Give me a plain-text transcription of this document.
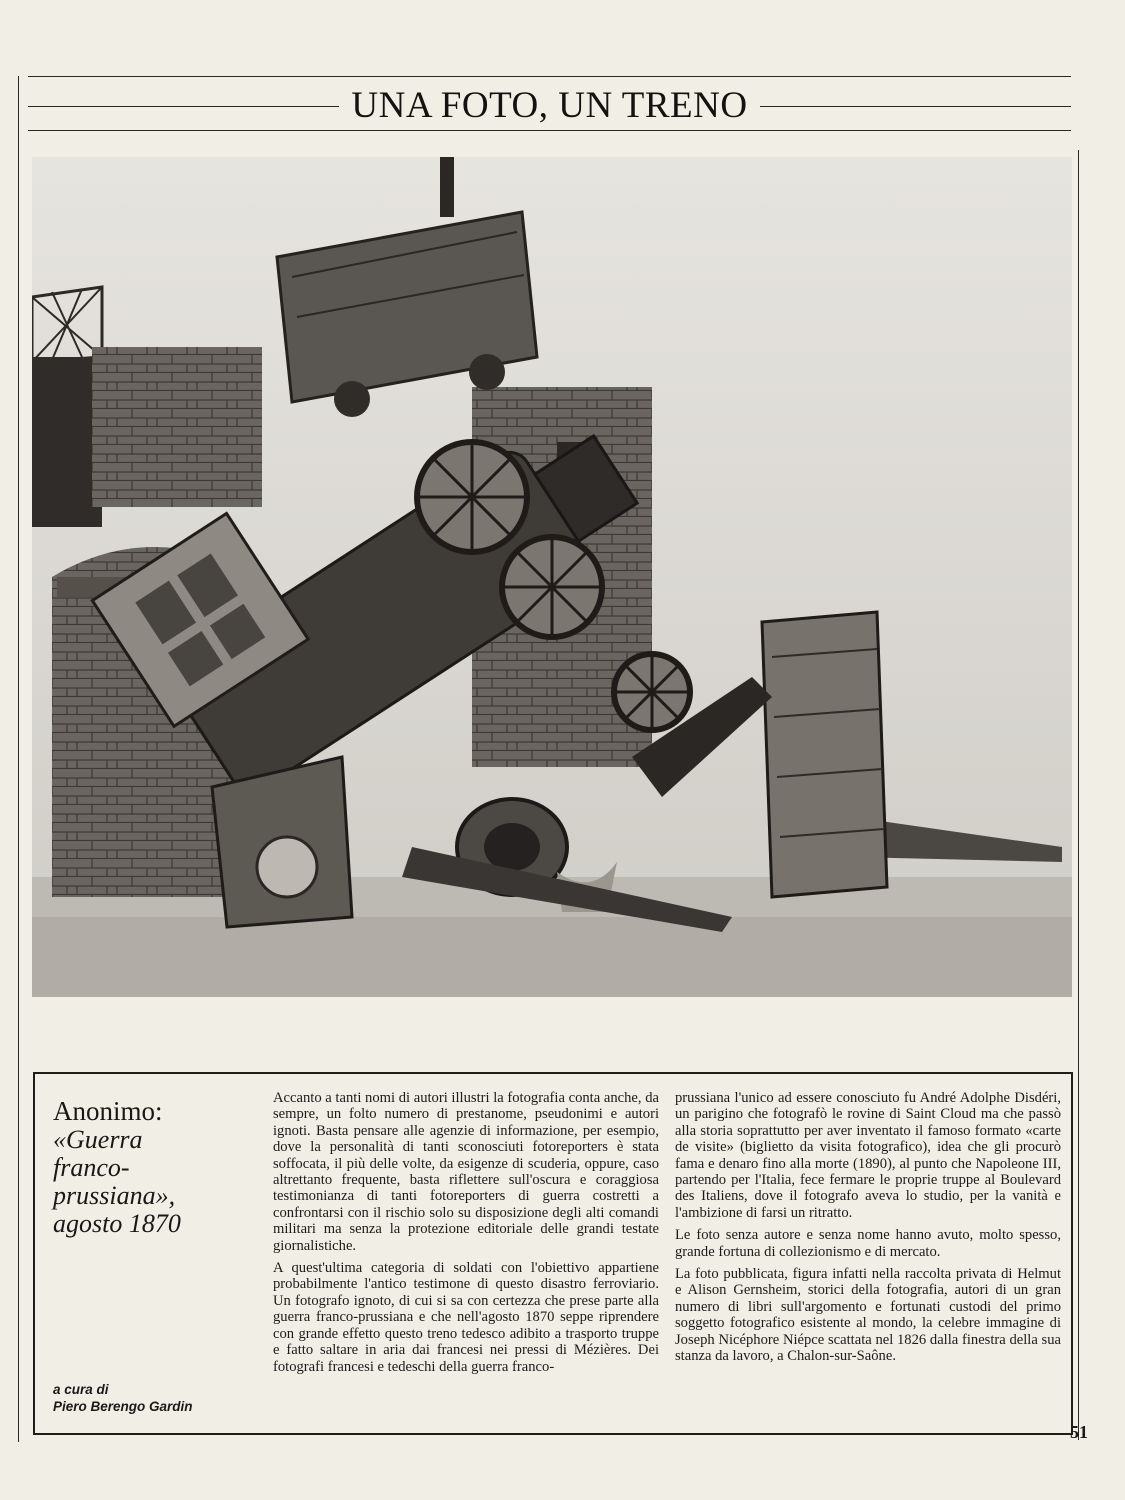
UNA FOTO, UN TRENO
Anonimo:
«Guerra franco-prussiana», agosto 1870
a cura di
Piero Berengo Gardin

Accanto a tanti nomi di autori illustri la fotografia conta anche, da sempre, un folto numero di prestanome, pseudonimi e autori ignoti. Basta pensare alle agenzie di informazione, per esempio, dove la personalità di tanti sconosciuti fotoreporters è stata soffocata, il più delle volte, da esigenze di scuderia, oppure, caso altrettanto frequente, basta riflettere sull'oscura e coraggiosa testimonianza di tanti fotoreporters di guerra costretti a confrontarsi con il rischio solo su disposizione degli alti comandi militari ma senza la protezione editoriale delle grandi testate giornalistiche.

A quest'ultima categoria di soldati con l'obiettivo appartiene probabilmente l'antico testimone di questo disastro ferroviario. Un fotografo ignoto, di cui si sa con certezza che prese parte alla guerra franco-prussiana e che nell'agosto 1870 seppe riprendere con grande effetto questo treno tedesco adibito a trasporto truppe e fatto saltare in aria dai francesi nei pressi di Mézières. Dei fotografi francesi e tedeschi della guerra franco-

prussiana l'unico ad essere conosciuto fu André Adolphe Disdéri, un parigino che fotografò le rovine di Saint Cloud ma che passò alla storia soprattutto per aver inventato il famoso formato «carte de visite» (biglietto da visita fotografico), idea che gli procurò fama e denaro fino alla morte (1890), al punto che Napoleone III, partendo per l'Italia, fece fermare le proprie truppe al Boulevard des Italiens, dove il fotografo aveva lo studio, per la vanità e l'ambizione di farsi un ritratto.

Le foto senza autore e senza nome hanno avuto, molto spesso, grande fortuna di collezionismo e di mercato.

La foto pubblicata, figura infatti nella raccolta privata di Helmut e Alison Gernsheim, storici della fotografia, autori di un gran numero di libri sull'argomento e fortunati custodi del primo soggetto fotografico esistente al mondo, la celebre immagine di Joseph Nicéphore Niépce scattata nel 1826 dalla finestra della sua stanza da lavoro, a Chalon-sur-Saône.

51
